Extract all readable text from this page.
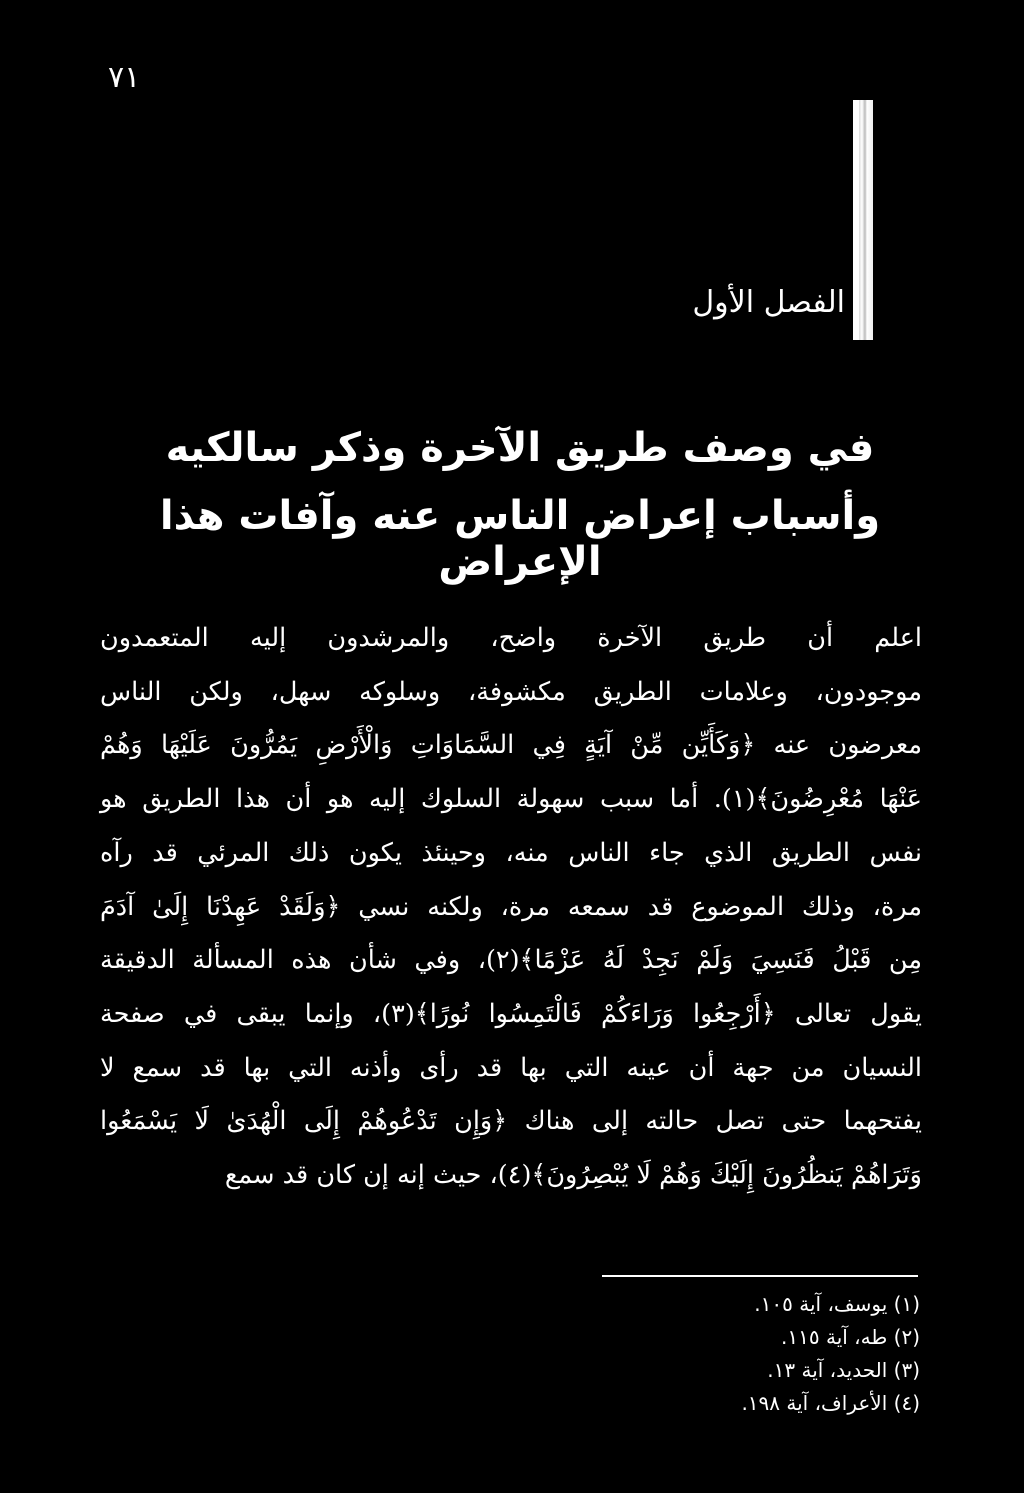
٧١
الفصل الأول
في وصف طريق الآخرة وذكر سالكيه
وأسباب إعراض الناس عنه وآفات هذا الإعراض
اعلم أن طريق الآخرة واضح، والمرشدون إليه المتعمدون
موجودون، وعلامات الطريق مكشوفة، وسلوكه سهل، ولكن الناس
معرضون عنه ﴿وَكَأَيِّن مِّنْ آيَةٍ فِي السَّمَاوَاتِ وَالْأَرْضِ يَمُرُّونَ عَلَيْهَا وَهُمْ
عَنْهَا مُعْرِضُونَ﴾(١). أما سبب سهولة السلوك إليه هو أن هذا الطريق هو
نفس الطريق الذي جاء الناس منه، وحينئذ يكون ذلك المرئي قد رآه
مرة، وذلك الموضوع قد سمعه مرة، ولكنه نسي ﴿وَلَقَدْ عَهِدْنَا إِلَىٰ آدَمَ
مِن قَبْلُ فَنَسِيَ وَلَمْ نَجِدْ لَهُ عَزْمًا﴾(٢)، وفي شأن هذه المسألة الدقيقة
يقول تعالى ﴿أَرْجِعُوا وَرَاءَكُمْ فَالْتَمِسُوا نُورًا﴾(٣)، وإنما يبقى في صفحة
النسيان من جهة أن عينه التي بها قد رأى وأذنه التي بها قد سمع لا
يفتحهما حتى تصل حالته إلى هناك ﴿وَإِن تَدْعُوهُمْ إِلَى الْهُدَىٰ لَا يَسْمَعُوا
وَتَرَاهُمْ يَنظُرُونَ إِلَيْكَ وَهُمْ لَا يُبْصِرُونَ﴾(٤)، حيث إنه إن كان قد سمع
(١) يوسف، آية ١٠٥.
(٢) طه، آية ١١٥.
(٣) الحديد، آية ١٣.
(٤) الأعراف، آية ١٩٨.
